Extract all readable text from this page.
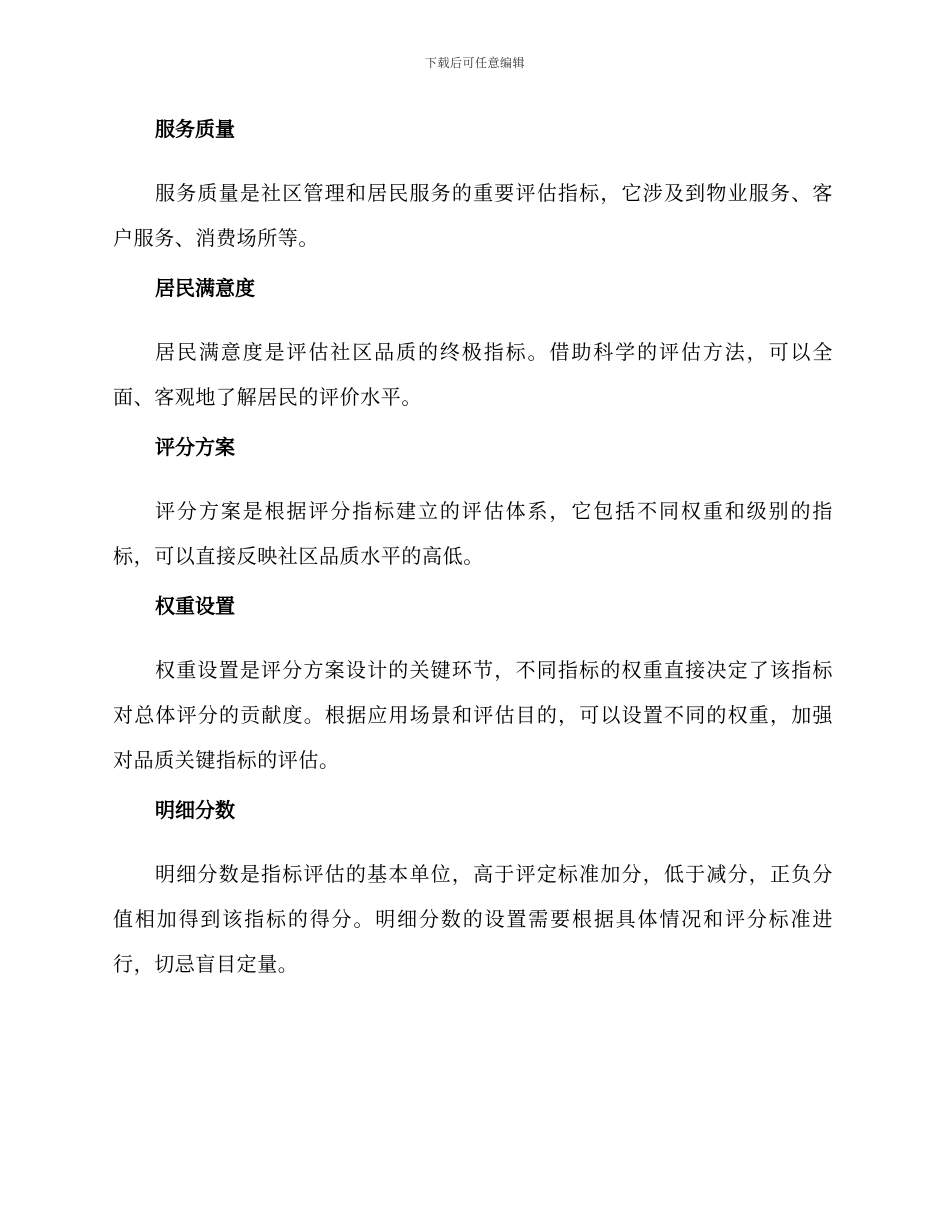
下载后可任意编辑
服务质量

服务质量是社区管理和居民服务的重要评估指标，它涉及到物业服务、客户服务、消费场所等。

居民满意度

居民满意度是评估社区品质的终极指标。借助科学的评估方法，可以全面、客观地了解居民的评价水平。

评分方案

评分方案是根据评分指标建立的评估体系，它包括不同权重和级别的指标，可以直接反映社区品质水平的高低。

权重设置

权重设置是评分方案设计的关键环节，不同指标的权重直接决定了该指标对总体评分的贡献度。根据应用场景和评估目的，可以设置不同的权重，加强对品质关键指标的评估。

明细分数

明细分数是指标评估的基本单位，高于评定标准加分，低于减分，正负分值相加得到该指标的得分。明细分数的设置需要根据具体情况和评分标准进行，切忌盲目定量。
